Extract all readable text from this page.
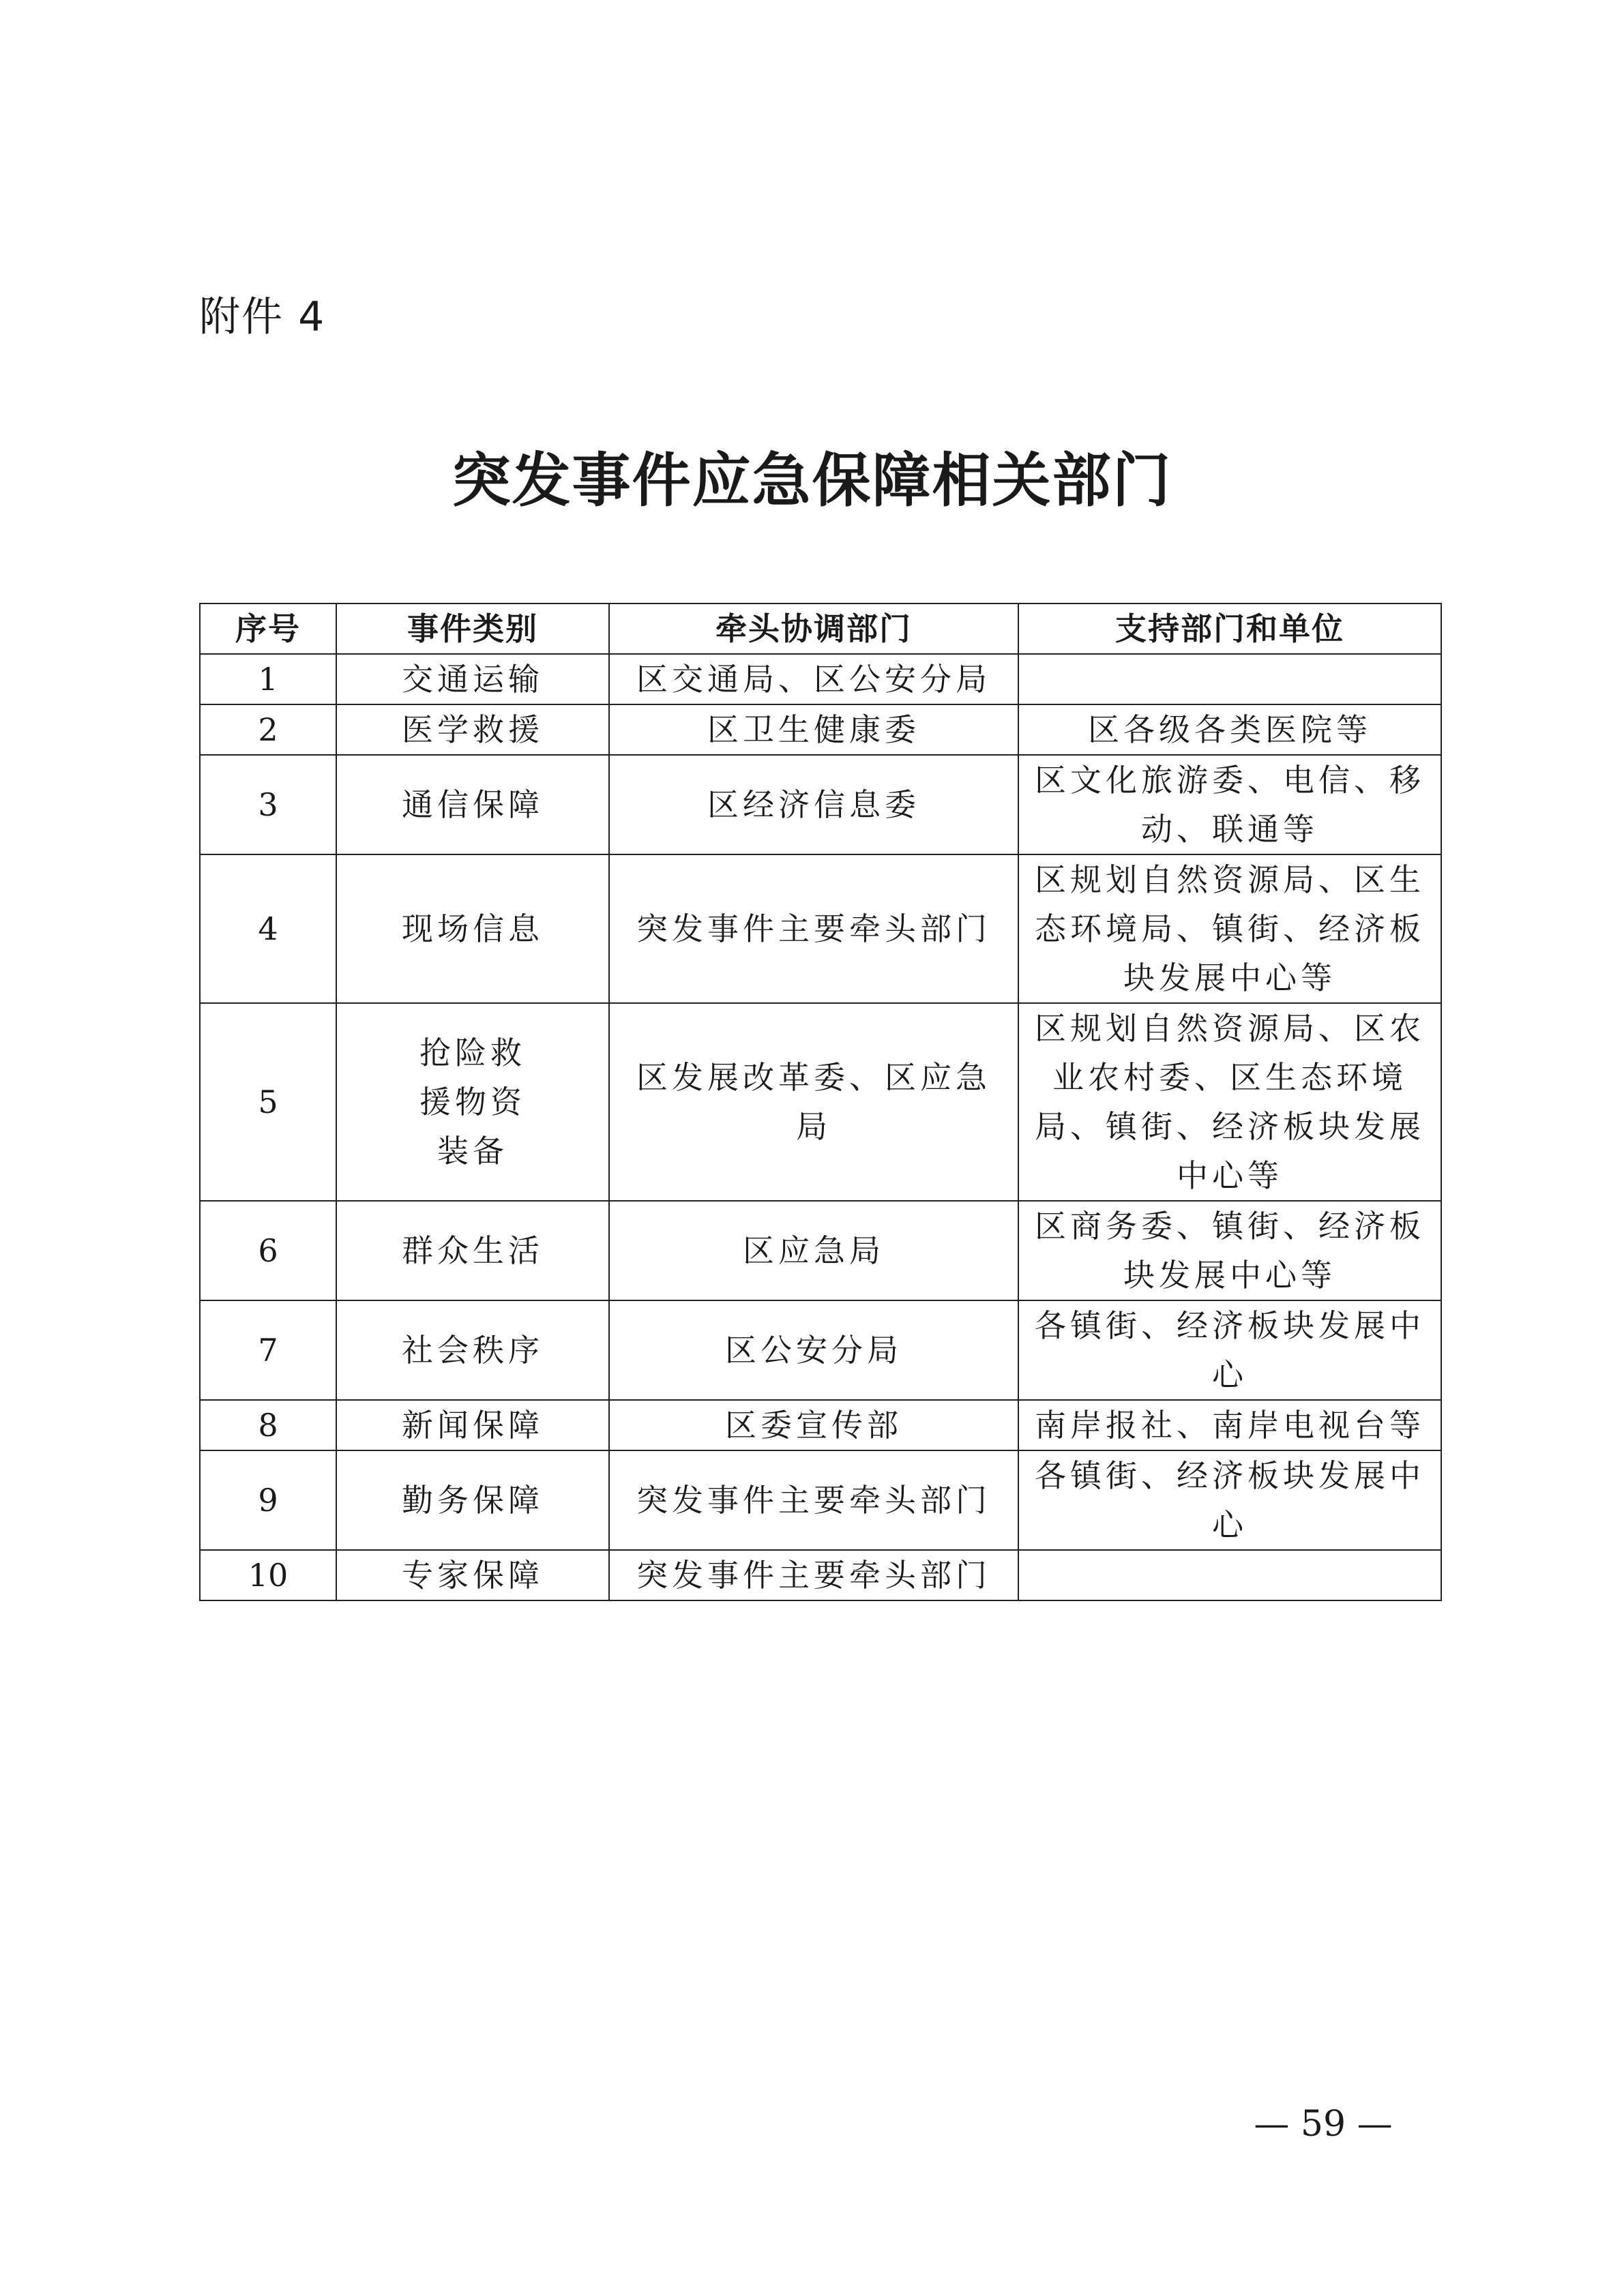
附件 4
突发事件应急保障相关部门
序号	事件类别	牵头协调部门	支持部门和单位
1	交通运输	区交通局、区公安分局	
2	医学救援	区卫生健康委	区各级各类医院等
3	通信保障	区经济信息委	区文化旅游委、电信、移动、联通等
4	现场信息	突发事件主要牵头部门	区规划自然资源局、区生态环境局、镇街、经济板块发展中心等
5	抢险救援物资装备	区发展改革委、区应急局	区规划自然资源局、区农业农村委、区生态环境局、镇街、经济板块发展中心等
6	群众生活	区应急局	区商务委、镇街、经济板块发展中心等
7	社会秩序	区公安分局	各镇街、经济板块发展中心
8	新闻保障	区委宣传部	南岸报社、南岸电视台等
9	勤务保障	突发事件主要牵头部门	各镇街、经济板块发展中心
10	专家保障	突发事件主要牵头部门	
— 59 —
